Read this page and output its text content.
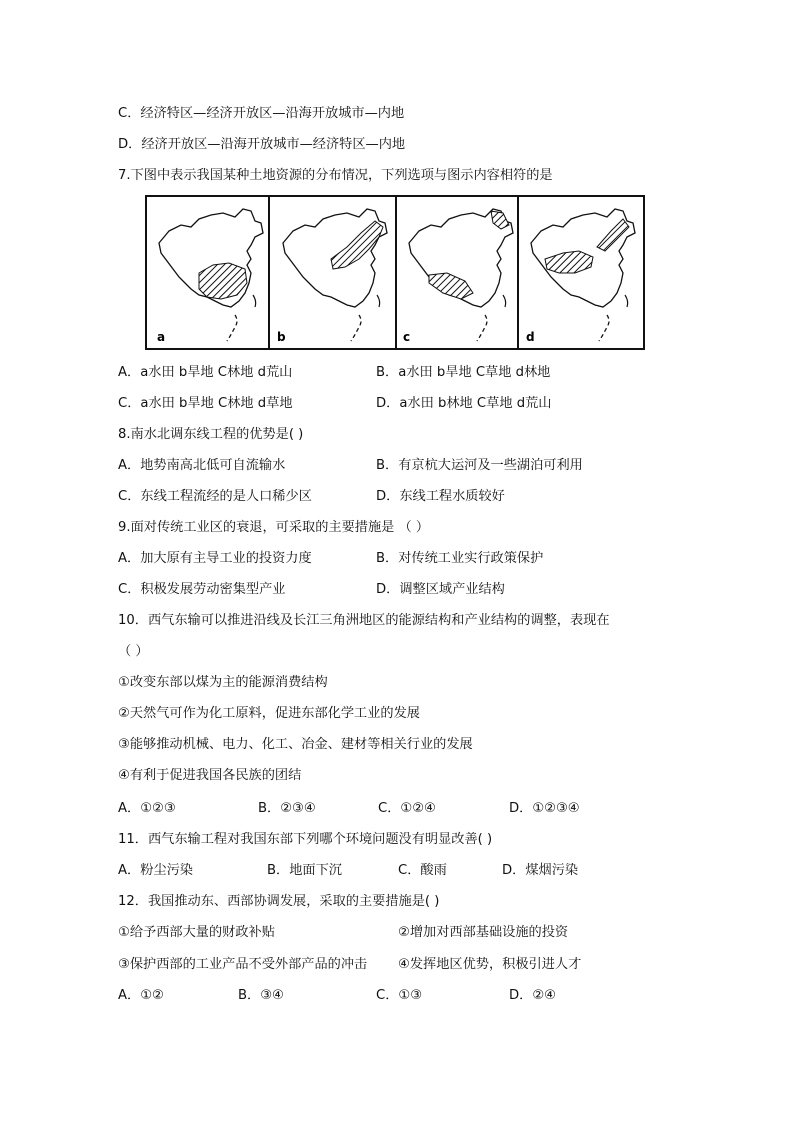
C．经济特区—经济开放区—沿海开放城市—内地
D．经济开放区—沿海开放城市—经济特区—内地
7.下图中表示我国某种土地资源的分布情况，下列选项与图示内容相符的是
a	b	c	d
A．a水田 b旱地 C林地 d荒山	B．a水田 b旱地 C草地 d林地
C．a水田 b旱地 C林地 d草地	D．a水田 b林地 C草地 d荒山
8.南水北调东线工程的优势是( )
A．地势南高北低可自流输水	B．有京杭大运河及一些湖泊可利用
C．东线工程流经的是人口稀少区	D．东线工程水质较好
9.面对传统工业区的衰退，可采取的主要措施是 （ ）
A．加大原有主导工业的投资力度	B．对传统工业实行政策保护
C．积极发展劳动密集型产业	D．调整区域产业结构
10．西气东输可以推进沿线及长江三角洲地区的能源结构和产业结构的调整，表现在
（ ）
①改变东部以煤为主的能源消费结构
②天然气可作为化工原料，促进东部化学工业的发展
③能够推动机械、电力、化工、冶金、建材等相关行业的发展
④有利于促进我国各民族的团结
A．①②③	B．②③④	C．①②④	D．①②③④
11．西气东输工程对我国东部下列哪个环境问题没有明显改善( )
A．粉尘污染	B．地面下沉	C．酸雨	D．煤烟污染
12．我国推动东、西部协调发展，采取的主要措施是( )
①给予西部大量的财政补贴	②增加对西部基础设施的投资
③保护西部的工业产品不受外部产品的冲击 ④发挥地区优势，积极引进人才
A．①②	B．③④	C．①③	D．②④
